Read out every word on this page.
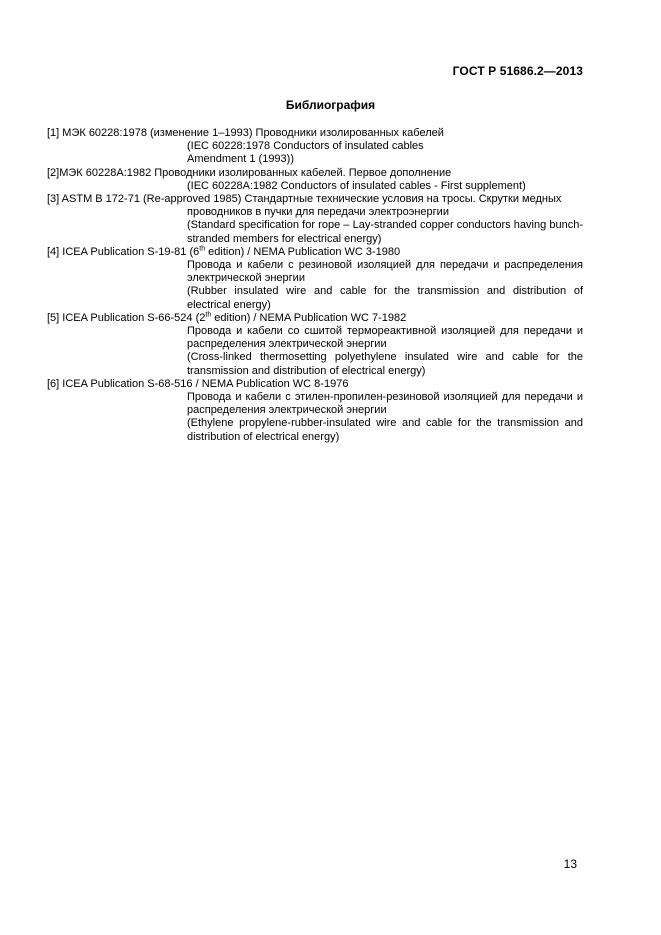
ГОСТ Р 51686.2—2013
Библиография
[1] МЭК 60228:1978 (изменение 1–1993) Проводники изолированных кабелей
(IEC 60228:1978 Conductors of insulated cables
Amendment 1 (1993))
[2]МЭК 60228А:1982 Проводники изолированных кабелей. Первое дополнение
(IEC 60228A:1982 Conductors of insulated cables - First supplement)
[3] ASTM B 172-71 (Re-approved 1985) Стандартные технические условия на тросы. Скрутки медных
проводников в пучки для передачи электроэнергии
(Standard specification for rope – Lay-stranded copper conductors having bunch-stranded members for electrical energy)
[4] ICEA Publication S-19-81 (6th edition) / NEMA Publication WC 3-1980
Провода и кабели с резиновой изоляцией для передачи и распределения электрической энергии
(Rubber insulated wire and cable for the transmission and distribution of electrical energy)
[5] ICEA Publication S-66-524 (2th edition) / NEMA Publication WC 7-1982
Провода и кабели со сшитой термореактивной изоляцией для передачи и распределения электрической энергии
(Cross-linked thermosetting polyethylene insulated wire and cable for the transmission and distribution of electrical energy)
[6] ICEA Publication S-68-516 / NEMA Publication WC 8-1976
Провода и кабели с этилен-пропилен-резиновой изоляцией для передачи и распределения электрической энергии
(Ethylene propylene-rubber-insulated wire and cable for the transmission and distribution of electrical energy)
13
